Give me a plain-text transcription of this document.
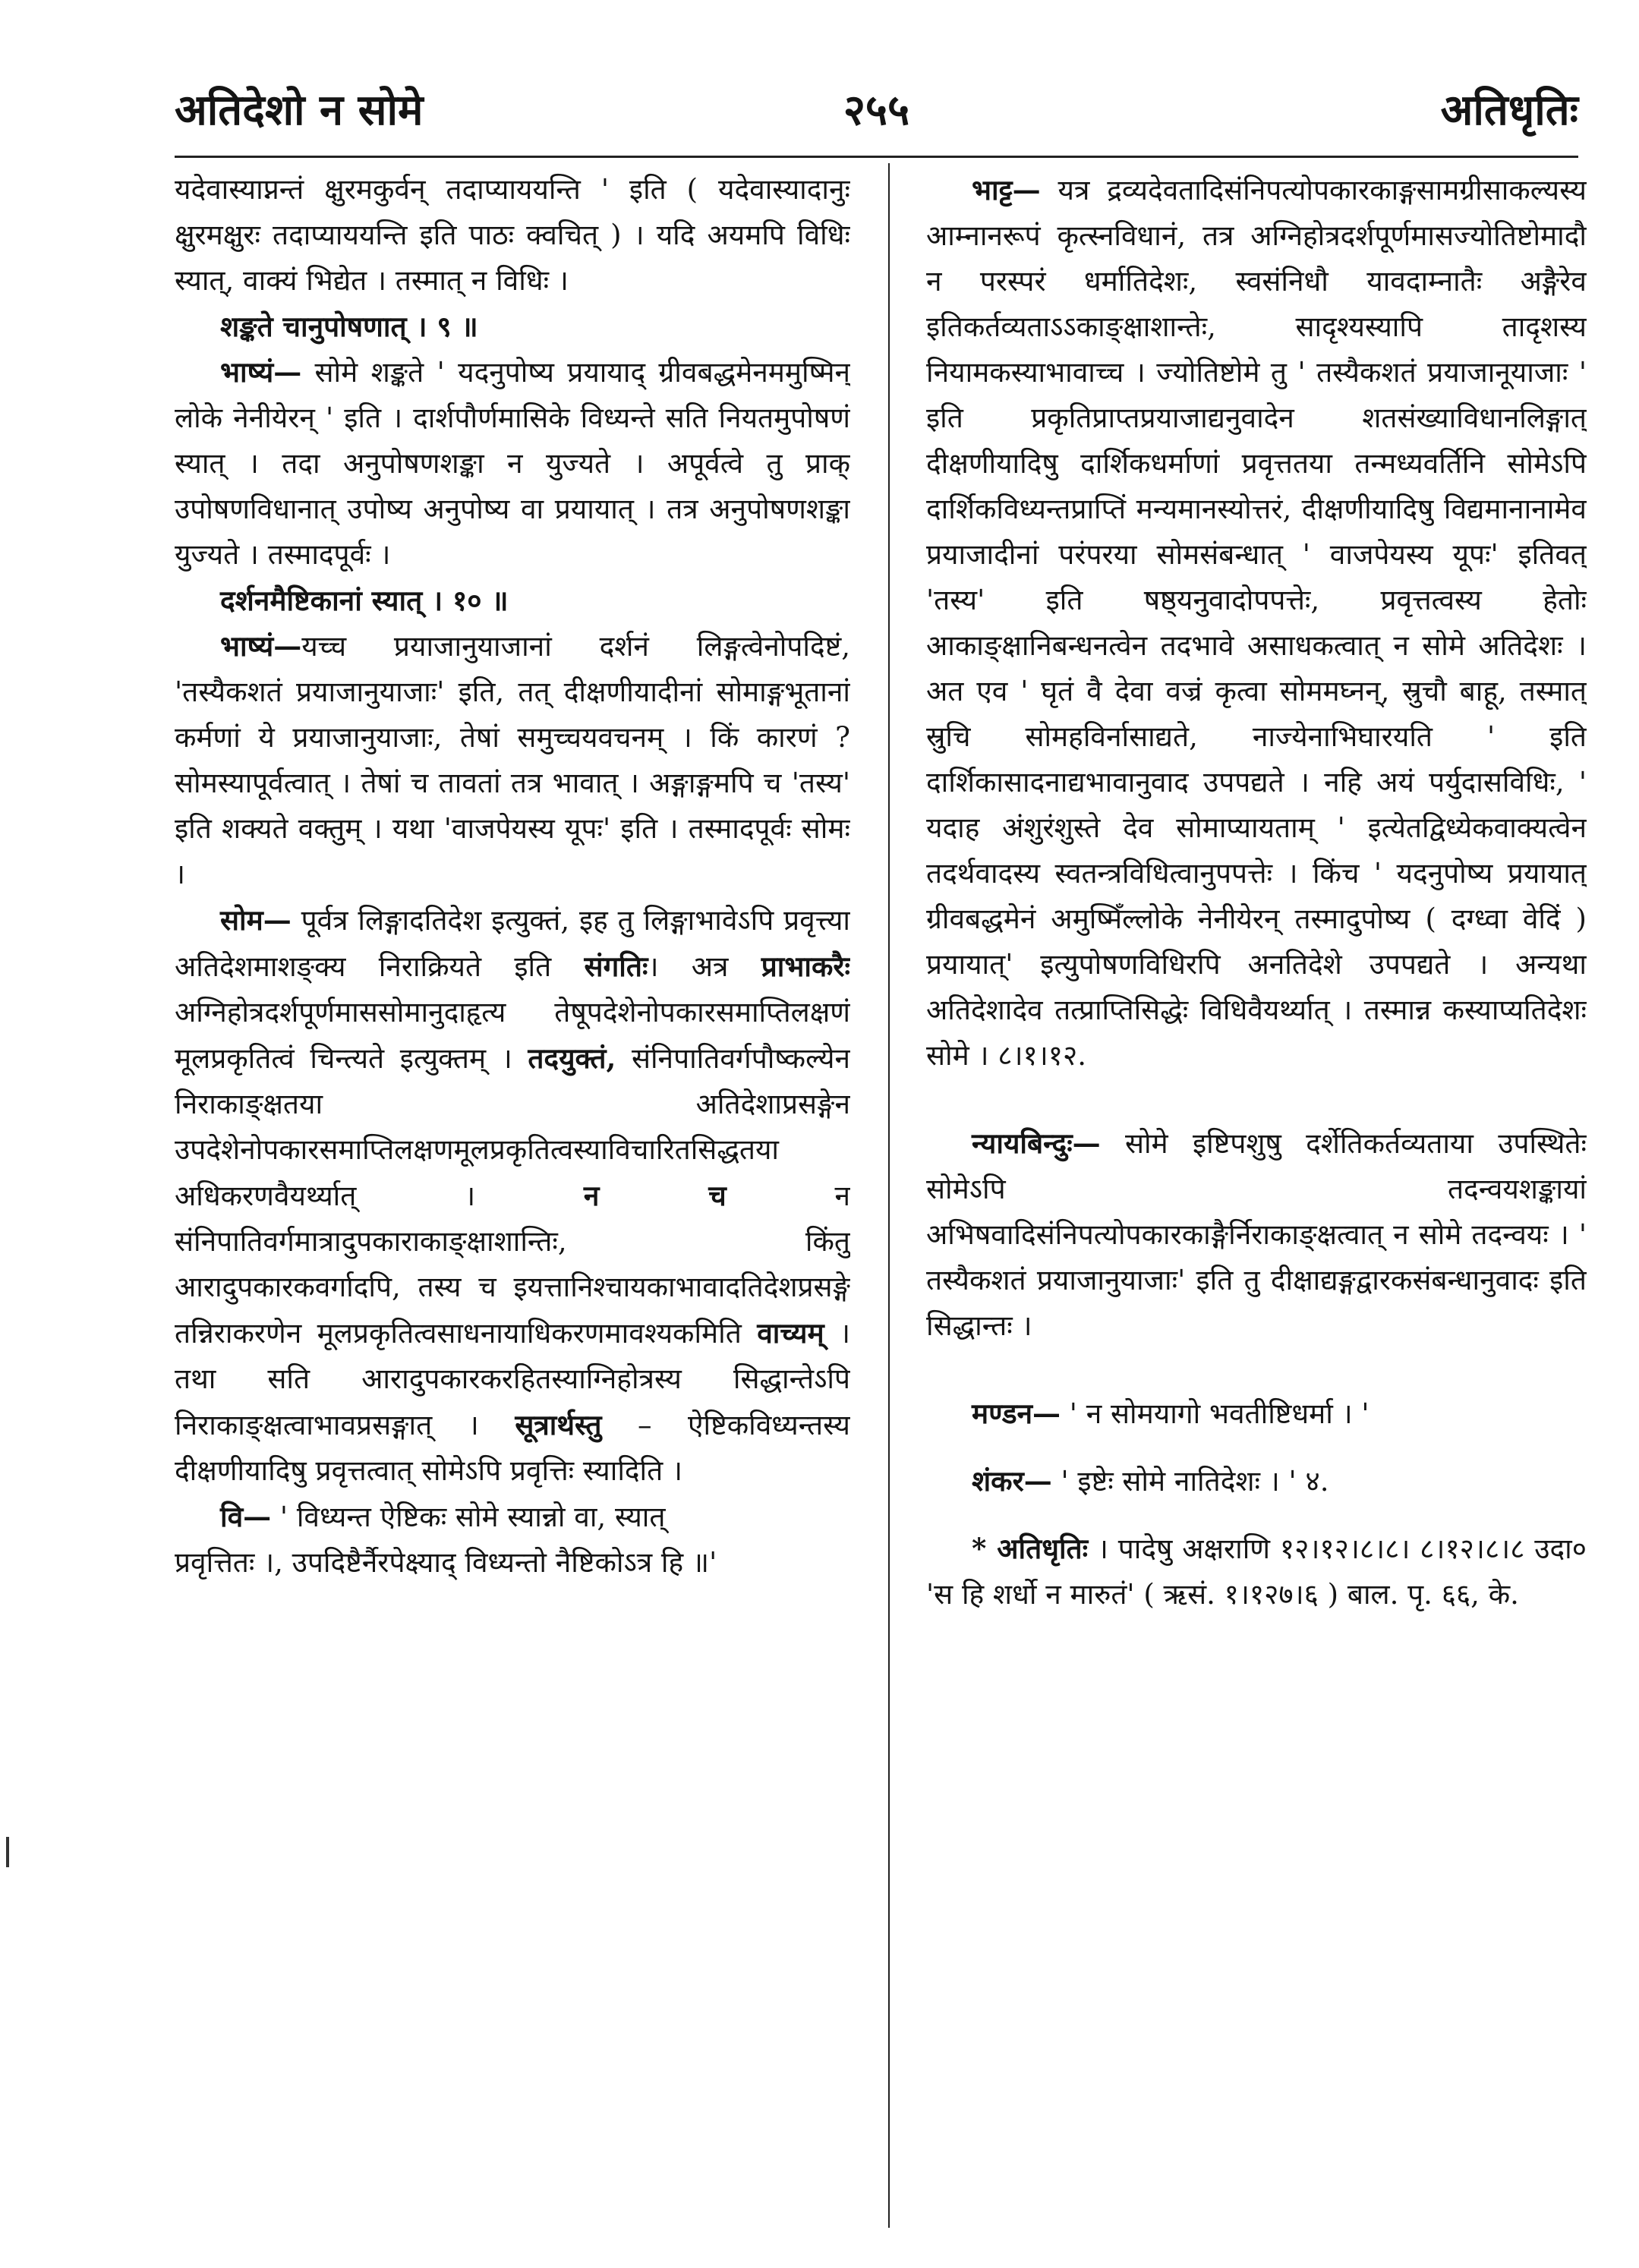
अतिदेशो न सोमे	२५५	अतिधृतिः

यदेवास्याप्नन्तं क्षुरमकुर्वन् तदाप्याययन्ति ' इति ( यदेवास्यादानुः क्षुरमक्षुरः तदाप्याययन्ति इति पाठः क्वचित् ) । यदि अयमपि विधिः स्यात्, वाक्यं भिद्येत । तस्मात् न विधिः ।

शङ्कते चानुपोषणात् । ९ ॥

भाष्यं— सोमे शङ्कते ' यदनुपोष्य प्रयायाद् ग्रीवबद्धमेनममुष्मिन् लोके नेनीयेरन् ' इति । दार्शपौर्णमासिके विध्यन्ते सति नियतमुपोषणं स्यात् । तदा अनुपोषणशङ्का न युज्यते । अपूर्वत्वे तु प्राक् उपोषणविधानात् उपोष्य अनुपोष्य वा प्रयायात् । तत्र अनुपोषणशङ्का युज्यते । तस्मादपूर्वः ।

दर्शनमैष्टिकानां स्यात् । १० ॥

भाष्यं—यच्च प्रयाजानुयाजानां दर्शनं लिङ्गत्वेनोपदिष्टं, 'तस्यैकशतं प्रयाजानुयाजाः' इति, तत् दीक्षणीयादीनां सोमाङ्गभूतानां कर्मणां ये प्रयाजानुयाजाः, तेषां समुच्चयवचनम् । किं कारणं ? सोमस्यापूर्वत्वात् । तेषां च तावतां तत्र भावात् । अङ्गाङ्गमपि च 'तस्य' इति शक्यते वक्तुम् । यथा 'वाजपेयस्य यूपः' इति । तस्मादपूर्वः सोमः ।

सोम— पूर्वत्र लिङ्गादतिदेश इत्युक्तं, इह तु लिङ्गाभावेऽपि प्रवृत्त्या अतिदेशमाशङ्क्य निराक्रियते इति संगतिः। अत्र प्राभाकरैः अग्निहोत्रदर्शपूर्णमाससोमानुदाहृत्य तेषूपदेशेनोपकारसमाप्तिलक्षणं मूलप्रकृतित्वं चिन्त्यते इत्युक्तम् । तदयुक्तं, संनिपातिवर्गपौष्कल्येन निराकाङ्क्षतया अतिदेशाप्रसङ्गेन उपदेशेनोपकारसमाप्तिलक्षणमूलप्रकृतित्वस्याविचारितसिद्धतया अधिकरणवैयर्थ्यात् । न च न संनिपातिवर्गमात्रादुपकाराकाङ्क्षाशान्तिः, किंतु आरादुपकारकवर्गादपि, तस्य च इयत्तानिश्चायकाभावादतिदेशप्रसङ्गे तन्निराकरणेन मूलप्रकृतित्वसाधनायाधिकरणमावश्यकमिति वाच्यम् । तथा सति आरादुपकारकरहितस्याग्निहोत्रस्य सिद्धान्तेऽपि निराकाङ्क्षत्वाभावप्रसङ्गात् । सूत्रार्थस्तु – ऐष्टिकविध्यन्तस्य दीक्षणीयादिषु प्रवृत्तत्वात् सोमेऽपि प्रवृत्तिः स्यादिति ।

वि— ' विध्यन्त ऐष्टिकः सोमे स्यान्नो वा, स्यात्

प्रवृत्तितः ।, उपदिष्टैर्नैरपेक्ष्याद् विध्यन्तो नैष्टिकोऽत्र हि ॥'

भाट्ट— यत्र द्रव्यदेवतादिसंनिपत्योपकारकाङ्गसामग्रीसाकल्यस्य आम्नानरूपं कृत्स्नविधानं, तत्र अग्निहोत्रदर्शपूर्णमासज्योतिष्टोमादौ न परस्परं धर्मातिदेशः, स्वसंनिधौ यावदाम्नातैः अङ्गैरेव इतिकर्तव्यताऽऽकाङ्क्षाशान्तेः, सादृश्यस्यापि तादृशस्य नियामकस्याभावाच्च । ज्योतिष्टोमे तु ' तस्यैकशतं प्रयाजानूयाजाः ' इति प्रकृतिप्राप्तप्रयाजाद्यनुवादेन शतसंख्याविधानलिङ्गात् दीक्षणीयादिषु दार्शिकधर्माणां प्रवृत्ततया तन्मध्यवर्तिनि सोमेऽपि दार्शिकविध्यन्तप्राप्तिं मन्यमानस्योत्तरं, दीक्षणीयादिषु विद्यमानानामेव प्रयाजादीनां परंपरया सोमसंबन्धात् ' वाजपेयस्य यूपः' इतिवत् 'तस्य' इति षष्ठ्यनुवादोपपत्तेः, प्रवृत्तत्वस्य हेतोः आकाङ्क्षानिबन्धनत्वेन तदभावे असाधकत्वात् न सोमे अतिदेशः । अत एव ' घृतं वै देवा वज्रं कृत्वा सोममघ्नन्, स्रुचौ बाहू, तस्मात् स्रुचि सोमहविर्नासाद्यते, नाज्येनाभिघारयति ' इति दार्शिकासादनाद्यभावानुवाद उपपद्यते । नहि अयं पर्युदासविधिः, ' यदाह अंशुरंशुस्ते देव सोमाप्यायताम् ' इत्येतद्विध्येकवाक्यत्वेन तदर्थवादस्य स्वतन्त्रविधित्वानुपपत्तेः । किंच ' यदनुपोष्य प्रयायात् ग्रीवबद्धमेनं अमुष्मिँल्लोके नेनीयेरन् तस्मादुपोष्य ( दग्ध्वा वेदिं ) प्रयायात्' इत्युपोषणविधिरपि अनतिदेशे उपपद्यते । अन्यथा अतिदेशादेव तत्प्राप्तिसिद्धेः विधिवैयर्थ्यात् । तस्मान्न कस्याप्यतिदेशः सोमे । ८।१।१२.

न्यायबिन्दुः— सोमे इष्टिपशुषु दर्शेतिकर्तव्यताया उपस्थितेः सोमेऽपि तदन्वयशङ्कायां अभिषवादिसंनिपत्योपकारकाङ्गैर्निराकाङ्क्षत्वात् न सोमे तदन्वयः । ' तस्यैकशतं प्रयाजानुयाजाः' इति तु दीक्षाद्यङ्गद्वारकसंबन्धानुवादः इति सिद्धान्तः ।

मण्डन— ' न सोमयागो भवतीष्टिधर्मा । '

शंकर— ' इष्टेः सोमे नातिदेशः । ' ४.

* अतिधृतिः । पादेषु अक्षराणि १२।१२।८।८। ८।१२।८।८ उदा० 'स हि शर्धो न मारुतं' ( ऋसं. १।१२७।६ ) बाल. पृ. ६६, के.
